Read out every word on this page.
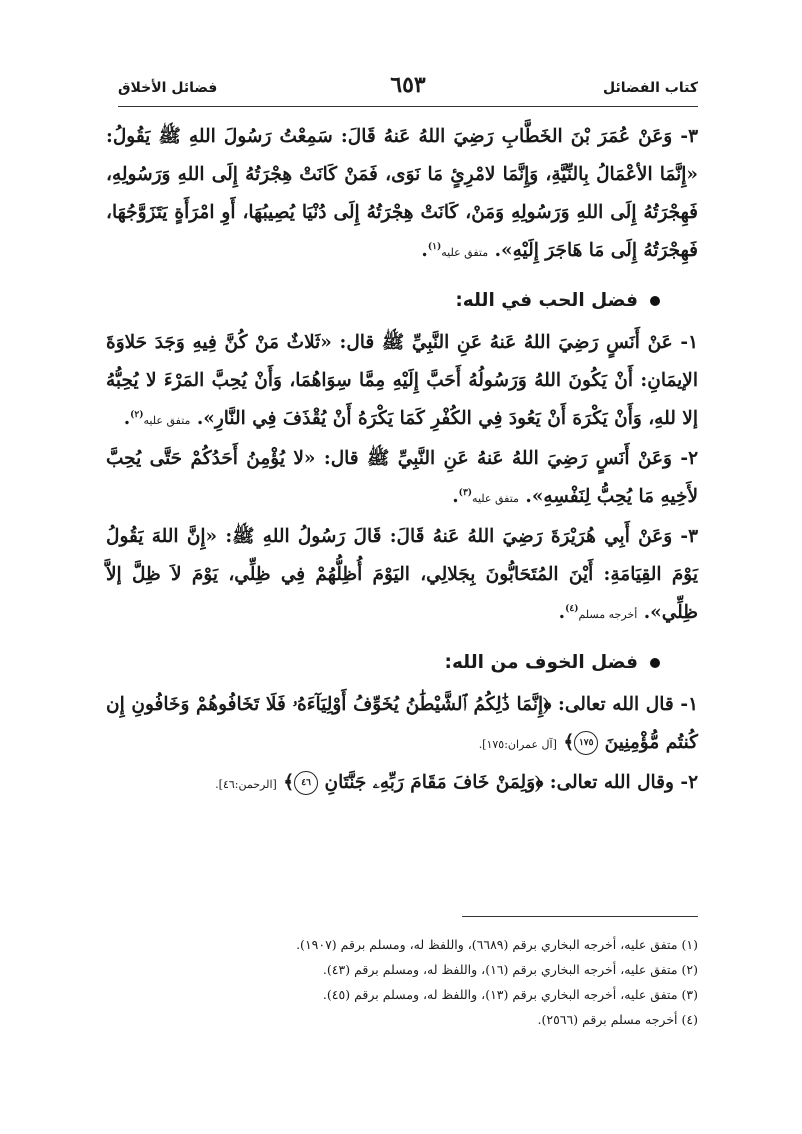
كتاب الفضائل
٦٥٣
فضائل الأخلاق

٣- وَعَنْ عُمَرَ بْنَ الخَطَّابِ رَضِيَ اللهُ عَنهُ قَالَ: سَمِعْتُ رَسُولَ اللهِ ﷺ يَقُولُ: «إِنَّمَا الأعْمَالُ بِالنِّيَّةِ، وَإِنَّمَا لامْرِئٍ مَا نَوَى، فَمَنْ كَانَتْ هِجْرَتُهُ إِلَى اللهِ وَرَسُولِهِ، فَهِجْرَتُهُ إِلَى اللهِ وَرَسُولِهِ وَمَنْ، كَانَتْ هِجْرَتُهُ إِلَى دُنْيَا يُصِيبُهَا، أَوِ امْرَأَةٍ يَتَزَوَّجُهَا، فَهِجْرَتُهُ إِلَى مَا هَاجَرَ إِلَيْهِ». متفق عليه$^{(١)}$.

فضل الحب في الله:

١- عَنْ أَنَسٍ رَضِيَ اللهُ عَنهُ عَنِ النَّبِيِّ ﷺ قال: «ثَلاثٌ مَنْ كُنَّ فِيهِ وَجَدَ حَلاوَةَ الإيمَانِ: أَنْ يَكُونَ اللهُ وَرَسُولُهُ أَحَبَّ إِلَيْهِ مِمَّا سِوَاهُمَا، وَأَنْ يُحِبَّ المَرْءَ لا يُحِبُّهُ إلا للهِ، وَأَنْ يَكْرَهَ أَنْ يَعُودَ فِي الكُفْرِ كَمَا يَكْرَهُ أَنْ يُقْذَفَ فِي النَّارِ». متفق عليه$^{(٢)}$.

٢- وَعَنْ أَنَسٍ رَضِيَ اللهُ عَنهُ عَنِ النَّبِيِّ ﷺ قال: «لا يُؤْمِنُ أَحَدُكُمْ حَتَّى يُحِبَّ لأَخِيهِ مَا يُحِبُّ لِنَفْسِهِ». متفق عليه$^{(٣)}$.

٣- وَعَنْ أَبِي هُرَيْرَةَ رَضِيَ اللهُ عَنهُ قَالَ: قَالَ رَسُولُ اللهِ ﷺ: «إِنَّ اللهَ يَقُولُ يَوْمَ القِيَامَةِ: أَيْنَ المُتَحَابُّونَ بِجَلالِي، اليَوْمَ أُظِلُّهُمْ فِي ظِلِّي، يَوْمَ لاَ ظِلَّ إلاَّ ظِلِّي». أخرجه مسلم$^{(٤)}$.

فضل الخوف من الله:

١- قال الله تعالى: ﴿إِنَّمَا ذَٰلِكُمُ ٱلشَّيْطَٰنُ يُخَوِّفُ أَوْلِيَآءَهُۥ فَلَا تَخَافُوهُمْ وَخَافُونِ إِن كُنتُم مُّؤْمِنِينَ ١٧٥﴾ [آل عمران:١٧٥].

٢- وقال الله تعالى: ﴿وَلِمَنْ خَافَ مَقَامَ رَبِّهِۦ جَنَّتَانِ ٤٦﴾ [الرحمن:٤٦].

(١) متفق عليه، أخرجه البخاري برقم (٦٦٨٩)، واللفظ له، ومسلم برقم (١٩٠٧).

(٢) متفق عليه، أخرجه البخاري برقم (١٦)، واللفظ له، ومسلم برقم (٤٣).

(٣) متفق عليه، أخرجه البخاري برقم (١٣)، واللفظ له، ومسلم برقم (٤٥).

(٤) أخرجه مسلم برقم (٢٥٦٦).
